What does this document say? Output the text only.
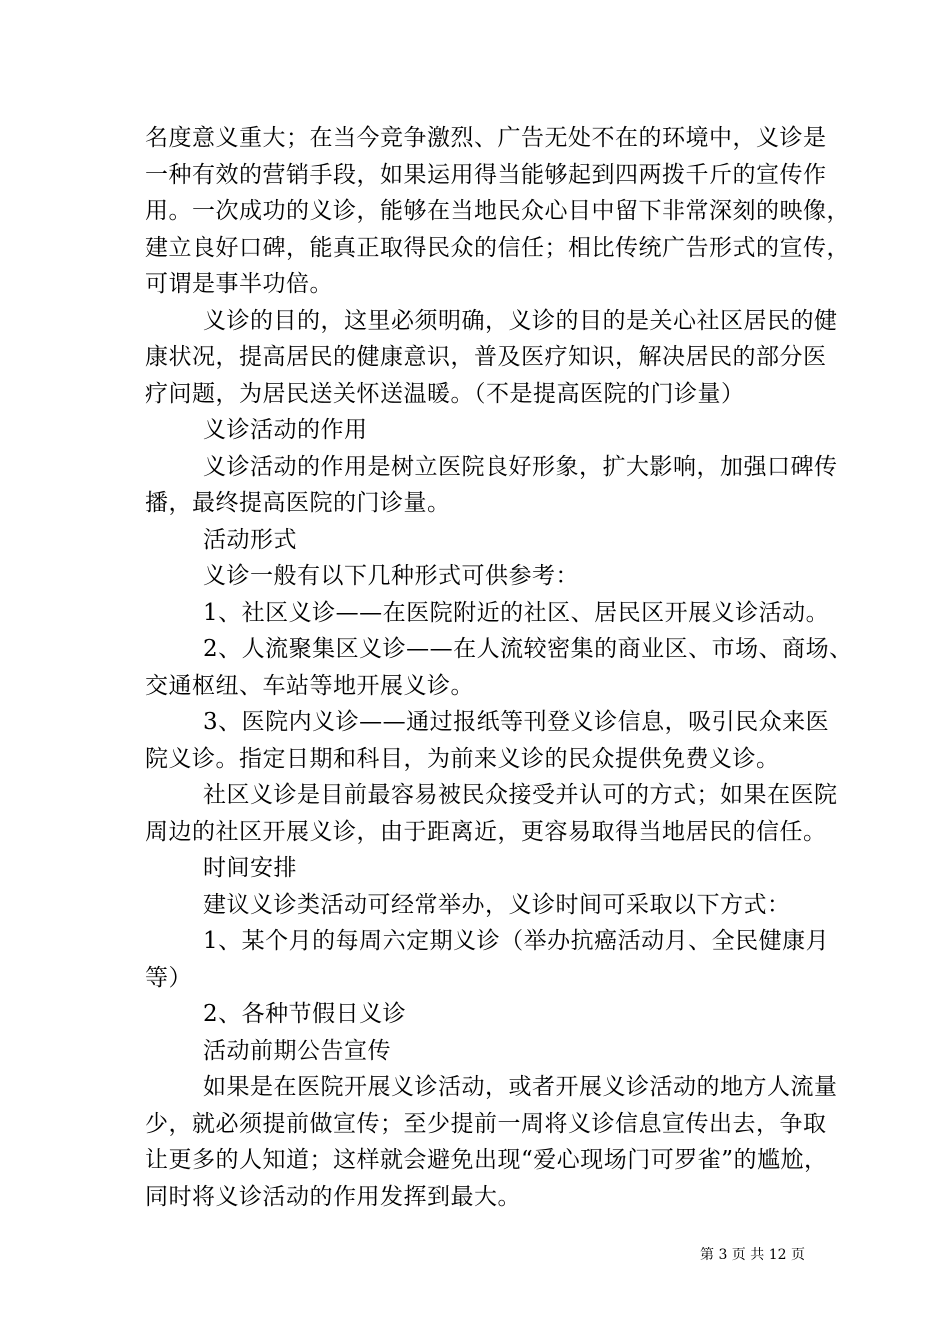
名度意义重大；在当今竞争激烈、广告无处不在的环境中，义诊是
一种有效的营销手段，如果运用得当能够起到四两拨千斤的宣传作
用。一次成功的义诊，能够在当地民众心目中留下非常深刻的映像，
建立良好口碑，能真正取得民众的信任；相比传统广告形式的宣传，
可谓是事半功倍。
义诊的目的，这里必须明确，义诊的目的是关心社区居民的健
康状况，提高居民的健康意识，普及医疗知识，解决居民的部分医
疗问题，为居民送关怀送温暖。（不是提高医院的门诊量）
义诊活动的作用
义诊活动的作用是树立医院良好形象，扩大影响，加强口碑传
播，最终提高医院的门诊量。
活动形式
义诊一般有以下几种形式可供参考：
1、社区义诊——在医院附近的社区、居民区开展义诊活动。
2、人流聚集区义诊——在人流较密集的商业区、市场、商场、
交通枢纽、车站等地开展义诊。
3、医院内义诊——通过报纸等刊登义诊信息，吸引民众来医
院义诊。指定日期和科目，为前来义诊的民众提供免费义诊。
社区义诊是目前最容易被民众接受并认可的方式；如果在医院
周边的社区开展义诊，由于距离近，更容易取得当地居民的信任。
时间安排
建议义诊类活动可经常举办，义诊时间可采取以下方式：
1、某个月的每周六定期义诊（举办抗癌活动月、全民健康月
等）
2、各种节假日义诊
活动前期公告宣传
如果是在医院开展义诊活动，或者开展义诊活动的地方人流量
少，就必须提前做宣传；至少提前一周将义诊信息宣传出去，争取
让更多的人知道；这样就会避免出现“爱心现场门可罗雀”的尴尬，
同时将义诊活动的作用发挥到最大。
第 3 页 共 12 页
